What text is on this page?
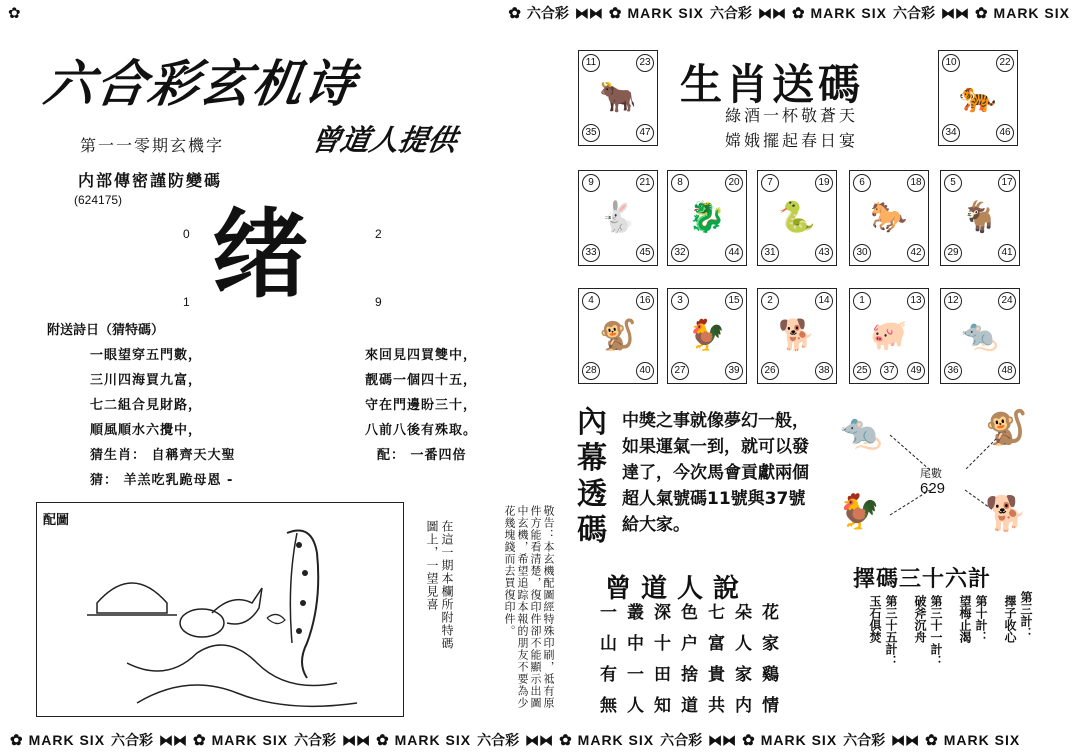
✿ 六合彩 ⧓⧓ ✿ MARK SIX 六合彩 ⧓⧓ ✿ MARK SIX 六合彩 ⧓⧓ ✿ MARK SIX
✿
六合彩玄机诗
曾道人提供
第一一零期玄機字
内部傳密謹防變碼
(624175)
0	2
1	9
绪
附送詩日（猜特碼）

一眼望穿五門數，

三川四海買九富，

七二組合見財路，

順風順水六攪中，

猜生肖： 自稱齊天大聖

猜： 羊羔吃乳跪母恩 -

來回見四買雙中，

靓碼一個四十五，

守在門邊盼三十，

八前八後有殊取。

配： 一番四倍

配圖	圖上，一望見喜 在這一期本欄所附特碼	敬告：本玄機配圖經特殊印刷，祗有原件方能看清楚，復印件卻不能顯示出圖中玄機，希望追踪本報的朋友不要為少花幾塊錢而去買復印件。
生肖送碼
綠酒一杯敬蒼天
嫦娥擺起春日宴
🐂
11	23
35	47
🐅
10	22
34	46
🐇
9	21
33	45
🐉
8	20
32	44
🐍
7	19
31	43
🐎
6	18
30	42
🐐
5	17
29	41
🐒
4	16
28	40
🐓
3	15
27	39
🐕
2	14
26	38
🐖
1	13
25	37	49
🐀
12	24
36	48
內幕透碼
中獎之事就像夢幻一般，如果運氣一到，就可以發達了，今次馬會貢獻兩個超人氣號碼11號與37號給大家。
曾道人說
一叢深色七朵花
山中十户富人家
有一田捨貴家鷄
無人知道共内情
🐀	🐒
🐓	🐕
尾數
629
擇碼三十六計
擇子收心 第三計：
望梅止渴 第十計：
破斧沉舟 第三十一計：
玉石俱焚 第三十五計：
✿ MARK SIX 六合彩 ⧓⧓ ✿ MARK SIX 六合彩 ⧓⧓ ✿ MARK SIX 六合彩 ⧓⧓ ✿ MARK SIX 六合彩 ⧓⧓ ✿ MARK SIX 六合彩 ⧓⧓ ✿ MARK SIX
